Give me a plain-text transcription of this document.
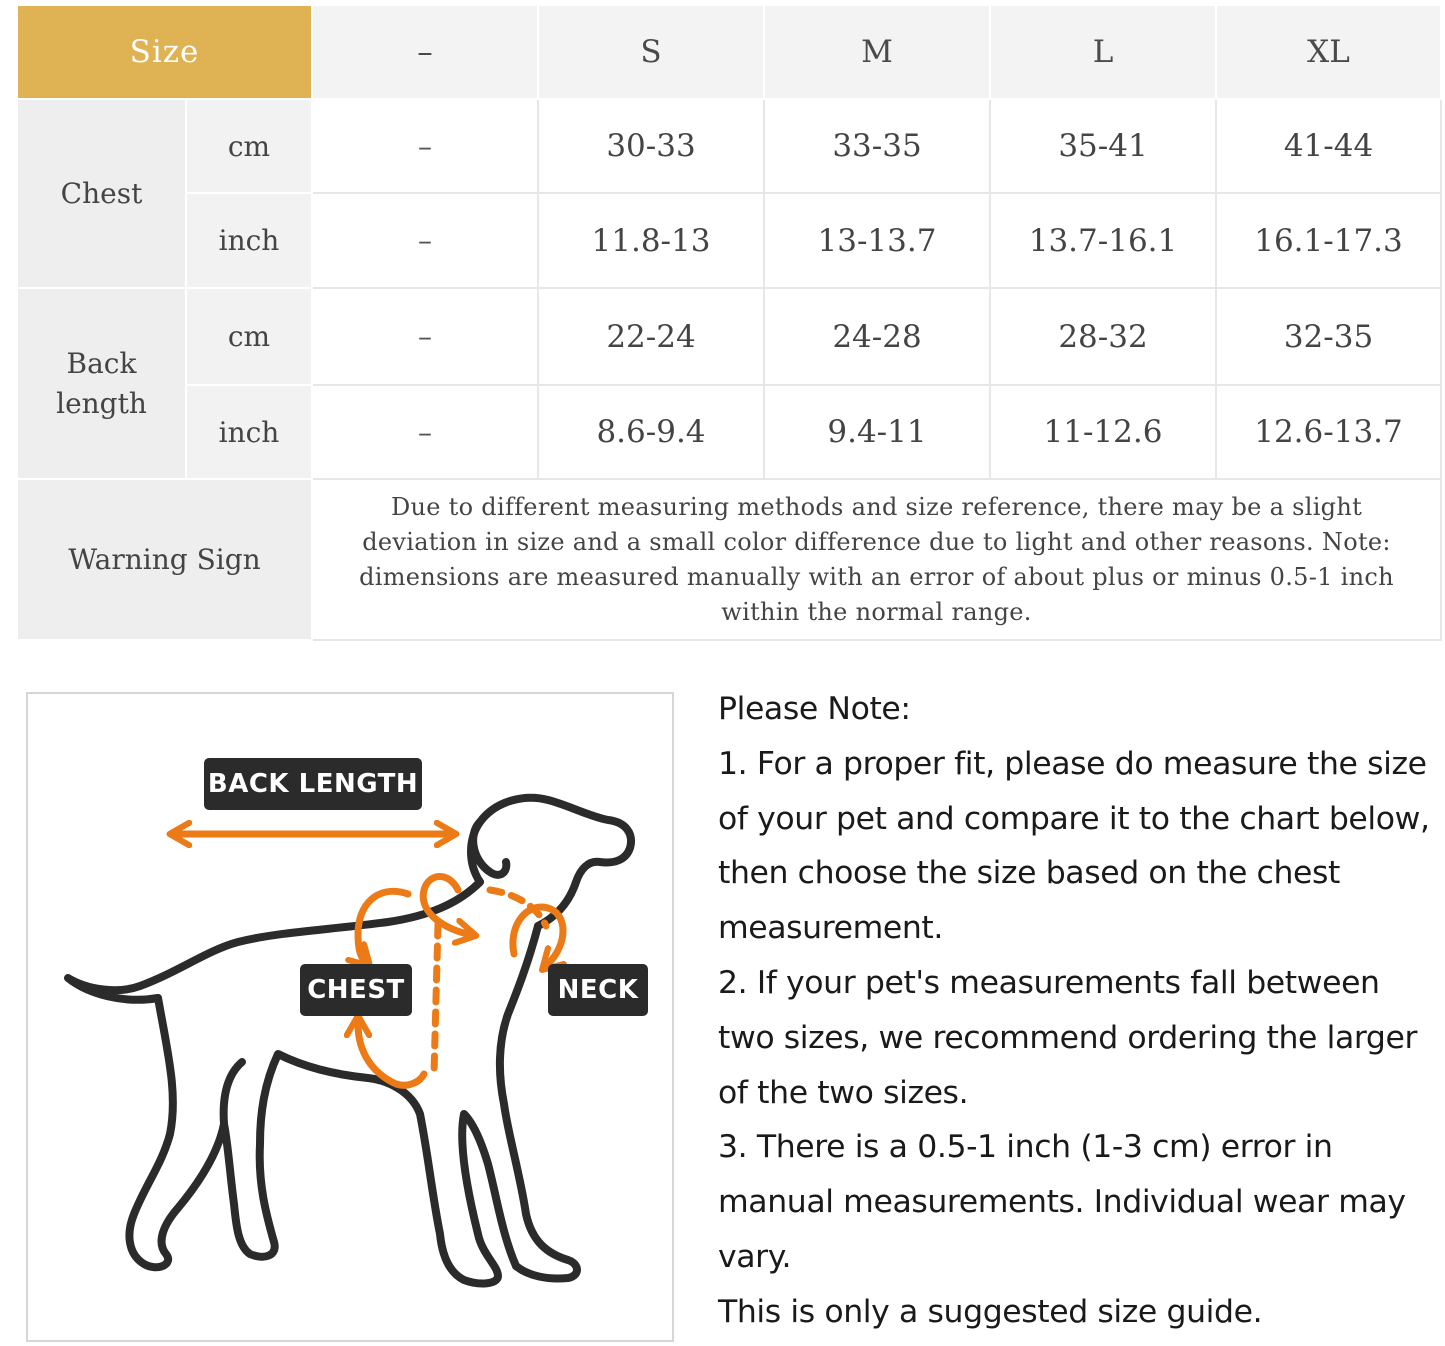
Size		–	S	M	L	XL
Chest	cm	–	30-33	33-35	35-41	41-44
	inch	–	11.8-13	13-13.7	13.7-16.1	16.1-17.3
Back
length	cm	–	22-24	24-28	28-32	32-35
	inch	–	8.6-9.4	9.4-11	11-12.6	12.6-13.7
Warning Sign		Due to different measuring methods and size reference, there may be a slight deviation in size and a small color difference due to light and other reasons. Note: dimensions are measured manually with an error of about plus or minus 0.5-1 inch within the normal range.				
BACK LENGTH
CHEST	NECK

Please Note:

1. For a proper fit, please do measure the size of your pet and compare it to the chart below, then choose the size based on the chest measurement.

2. If your pet's measurements fall between two sizes, we recommend ordering the larger of the two sizes.

3. There is a 0.5-1 inch (1-3 cm) error in manual measurements. Individual wear may vary.

This is only a suggested size guide.
